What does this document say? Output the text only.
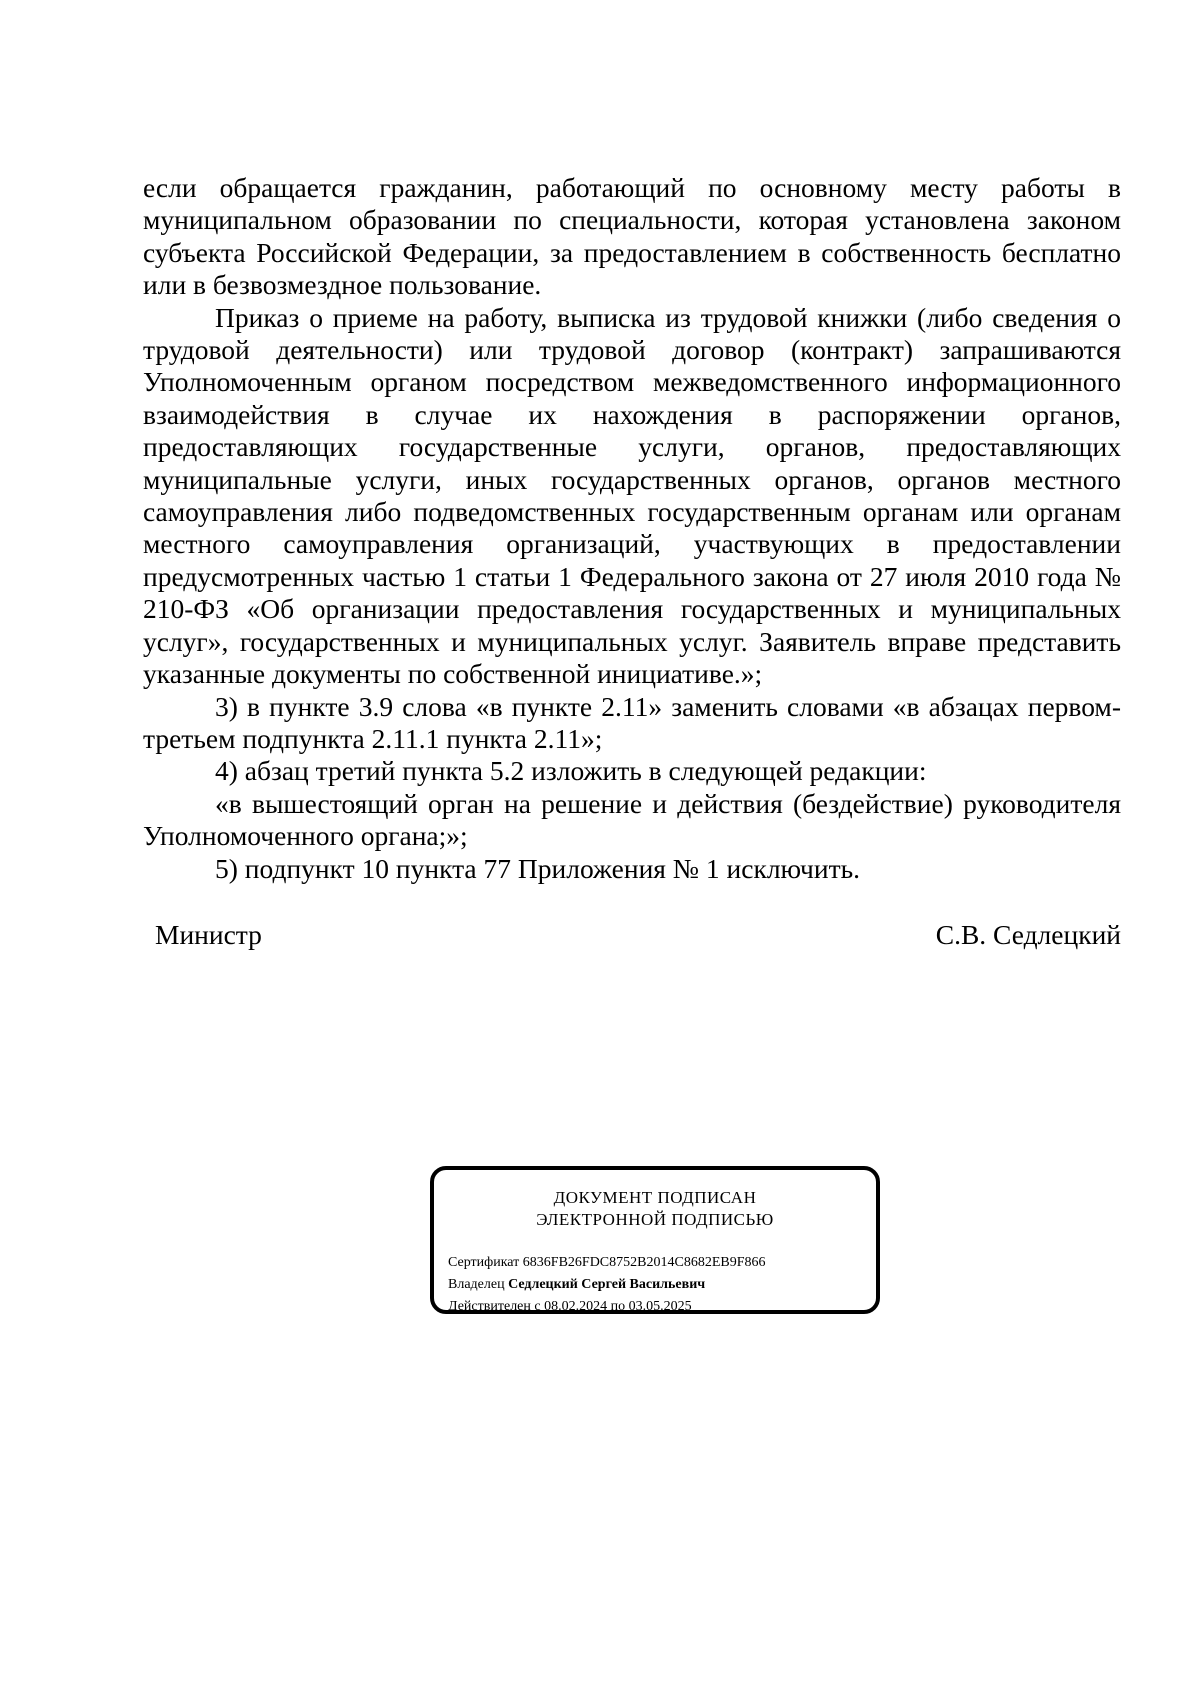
если обращается гражданин, работающий по основному месту работы в муниципальном образовании по специальности, которая установлена законом субъекта Российской Федерации, за предоставлением в собственность бесплатно или в безвозмездное пользование.

Приказ о приеме на работу, выписка из трудовой книжки (либо сведения о трудовой деятельности) или трудовой договор (контракт) запрашиваются Уполномоченным органом посредством межведомственного информационного взаимодействия в случае их нахождения в распоряжении органов, предоставляющих государственные услуги, органов, предоставляющих муниципальные услуги, иных государственных органов, органов местного самоуправления либо подведомственных государственным органам или органам местного самоуправления организаций, участвующих в предоставлении предусмотренных частью 1 статьи 1 Федерального закона от 27 июля 2010 года № 210-ФЗ «Об организации предоставления государственных и муниципальных услуг», государственных и муниципальных услуг. Заявитель вправе представить указанные документы по собственной инициативе.»;

3) в пункте 3.9 слова «в пункте 2.11» заменить словами «в абзацах первом-третьем подпункта 2.11.1 пункта 2.11»;

4) абзац третий пункта 5.2 изложить в следующей редакции:

«в вышестоящий орган на решение и действия (бездействие) руководителя Уполномоченного органа;»;

5) подпункт 10 пункта 77 Приложения № 1 исключить.

Министр	С.В. Седлецкий
ДОКУМЕНТ ПОДПИСАН
ЭЛЕКТРОННОЙ ПОДПИСЬЮ
Сертификат 6836FB26FDC8752B2014C8682EB9F866
Владелец Седлецкий Сергей Васильевич
Действителен с 08.02.2024 по 03.05.2025
